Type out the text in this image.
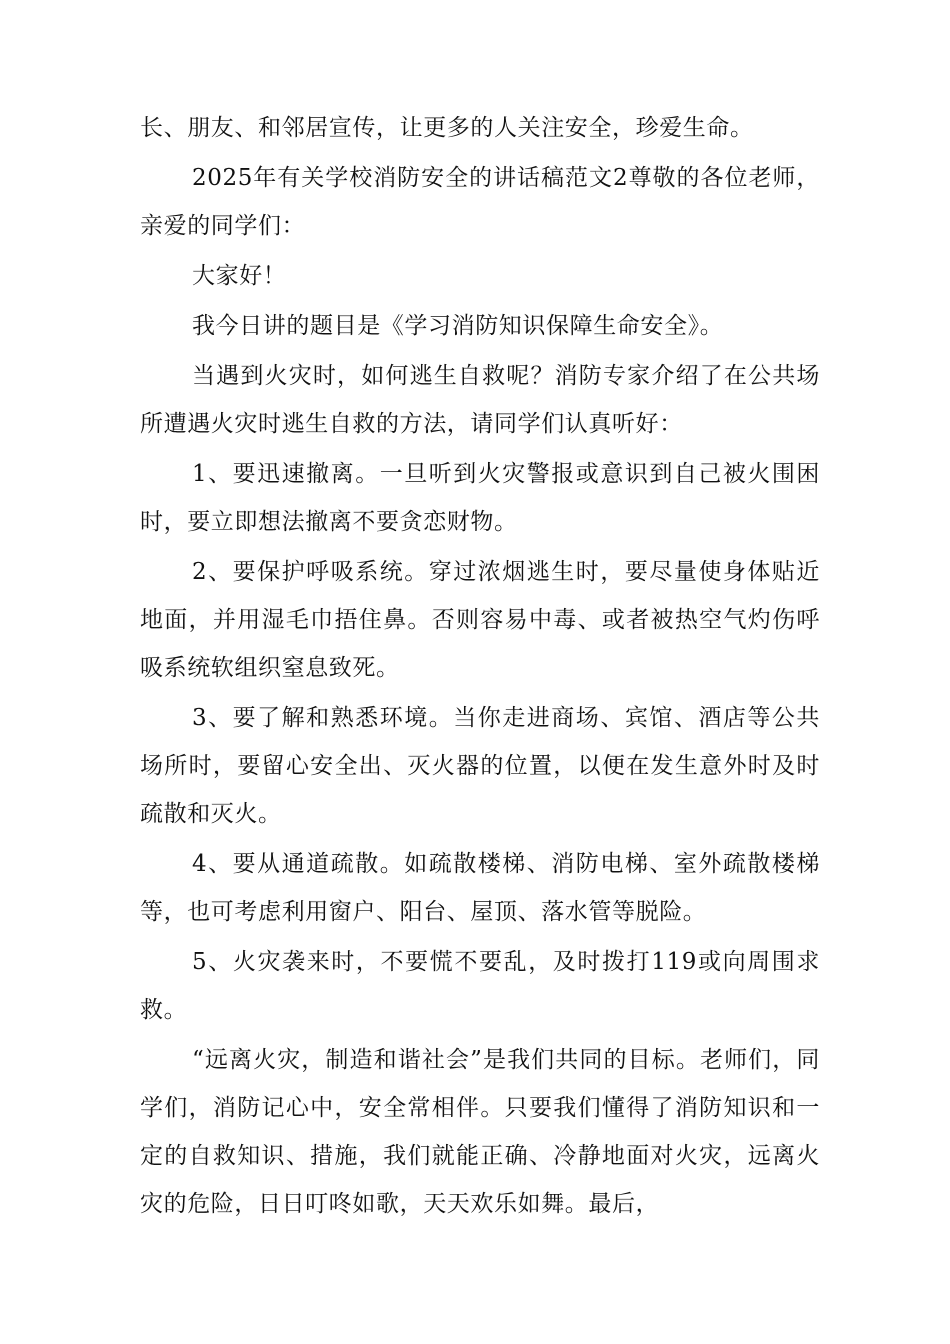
长、朋友、和邻居宣传，让更多的人关注安全，珍爱生命。

2025年有关学校消防安全的讲话稿范文2尊敬的各位老师，亲爱的同学们：

大家好！

我今日讲的题目是《学习消防知识保障生命安全》。

当遇到火灾时，如何逃生自救呢？消防专家介绍了在公共场所遭遇火灾时逃生自救的方法，请同学们认真听好：

1、要迅速撤离。一旦听到火灾警报或意识到自己被火围困时，要立即想法撤离不要贪恋财物。

2、要保护呼吸系统。穿过浓烟逃生时，要尽量使身体贴近地面，并用湿毛巾捂住鼻。否则容易中毒、或者被热空气灼伤呼吸系统软组织窒息致死。

3、要了解和熟悉环境。当你走进商场、宾馆、酒店等公共场所时，要留心安全出、灭火器的位置，以便在发生意外时及时疏散和灭火。

4、要从通道疏散。如疏散楼梯、消防电梯、室外疏散楼梯等，也可考虑利用窗户、阳台、屋顶、落水管等脱险。

5、火灾袭来时，不要慌不要乱，及时拨打119或向周围求救。

“远离火灾，制造和谐社会”是我们共同的目标。老师们，同学们，消防记心中，安全常相伴。只要我们懂得了消防知识和一定的自救知识、措施，我们就能正确、冷静地面对火灾，远离火灾的危险，日日叮咚如歌，天天欢乐如舞。最后，
